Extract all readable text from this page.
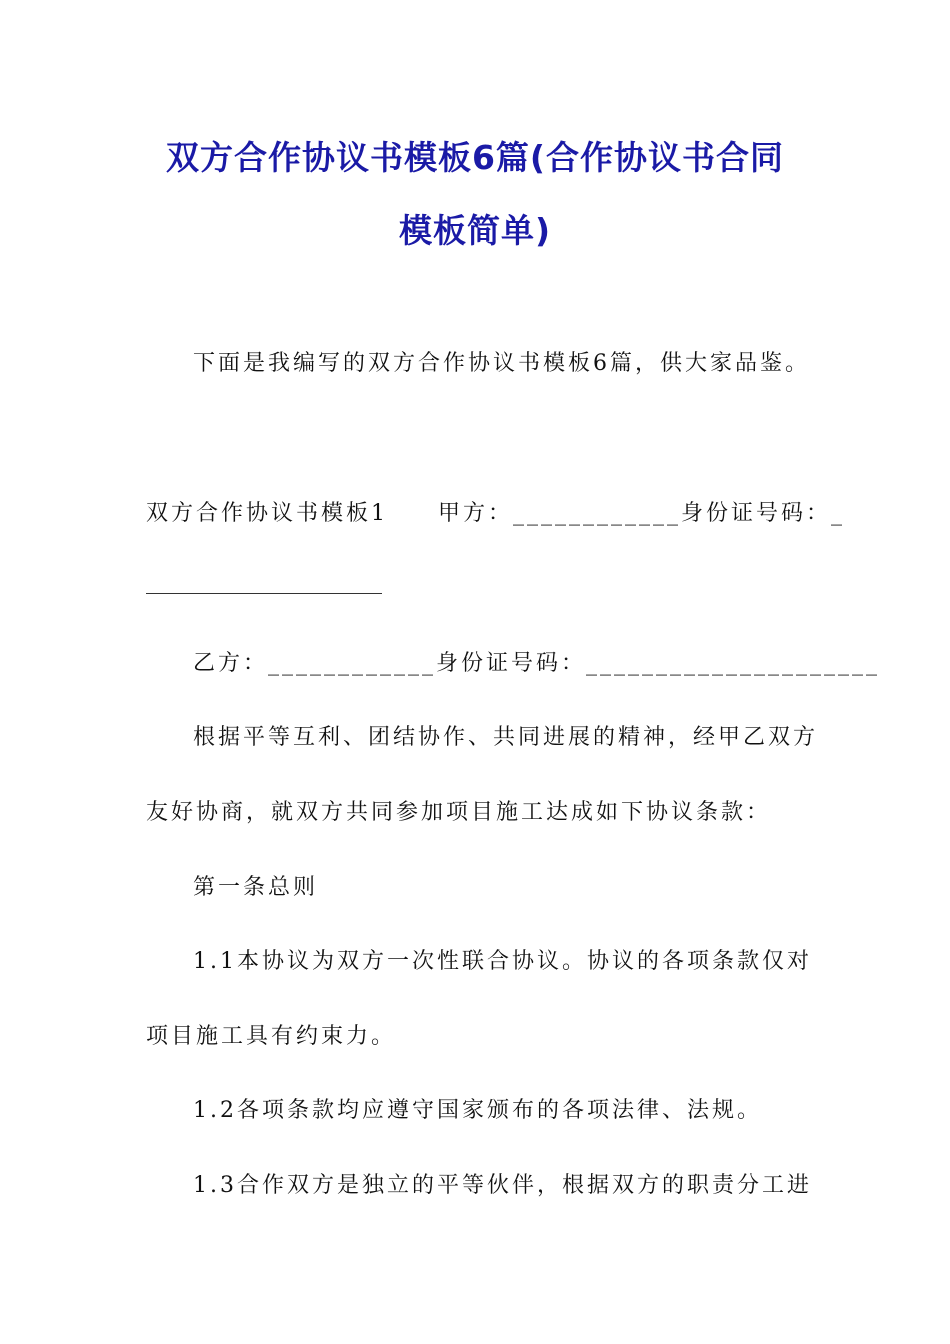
双方合作协议书模板6篇(合作协议书合同
模板简单)
下面是我编写的双方合作协议书模板6篇，供大家品鉴。
双方合作协议书模板1　　甲方：____________身份证号码：_
乙方：____________身份证号码：_____________________
根据平等互利、团结协作、共同进展的精神，经甲乙双方
友好协商，就双方共同参加项目施工达成如下协议条款：
第一条总则
1.1本协议为双方一次性联合协议。协议的各项条款仅对
项目施工具有约束力。
1.2各项条款均应遵守国家颁布的各项法律、法规。
1.3合作双方是独立的平等伙伴，根据双方的职责分工进
